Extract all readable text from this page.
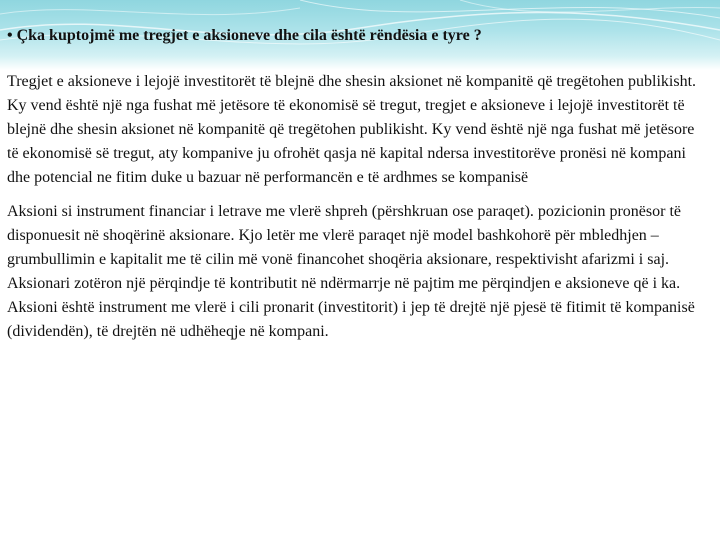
• Çka kuptojmë me tregjet e aksioneve dhe cila është rëndësia e tyre ?

Tregjet e aksioneve i lejojë investitorët të blejnë dhe shesin aksionet në kompanitë që tregëtohen publikisht.

Ky vend është një nga fushat më jetësore të ekonomisë së tregut, tregjet e aksioneve i lejojë investitorët të blejnë dhe shesin aksionet në kompanitë që tregëtohen publikisht. Ky vend është një nga fushat më jetësore të ekonomisë së tregut, aty kompanive ju ofrohët qasja në kapital ndersa investitorëve pronësi në kompani dhe potencial ne fitim duke u bazuar në performancën e të ardhmes se kompanisë

Aksioni si instrument financiar i letrave me vlerë shpreh (përshkruan ose paraqet). pozicionin pronësor të disponuesit në shoqërinë aksionare. Kjo letër me vlerë paraqet një model bashkohorë për mbledhjen – grumbullimin e kapitalit me të cilin më vonë financohet shoqëria aksionare, respektivisht afarizmi i saj. Aksionari zotëron një përqindje të kontributit në ndërmarrje në pajtim me përqindjen e aksioneve që i ka. Aksioni është instrument me vlerë i cili pronarit (investitorit) i jep të drejtë një pjesë të fitimit të kompanisë (dividendën), të drejtën në udhëheqje në kompani.
